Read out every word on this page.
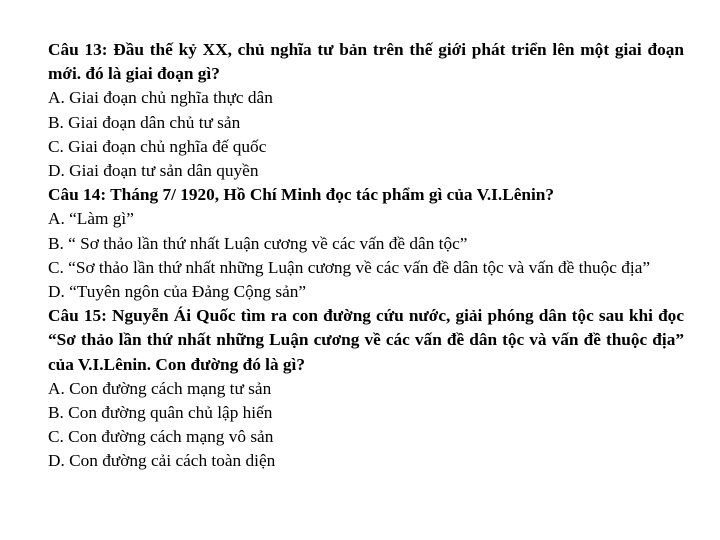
Câu 13: Đầu thế kỷ XX, chủ nghĩa tư bản trên thế giới phát triển lên một giai đoạn mới. đó là giai đoạn gì?

A. Giai đoạn chủ nghĩa thực dân

B. Giai đoạn dân chủ tư sản

C. Giai đoạn chủ nghĩa đế quốc

D. Giai đoạn tư sản dân quyền

Câu 14: Tháng 7/ 1920, Hồ Chí Minh đọc tác phẩm gì của V.I.Lênin?

A. “Làm gì”

B. “ Sơ thảo lần thứ nhất Luận cương về các vấn đề dân tộc”

C. “Sơ thảo lần thứ nhất những Luận cương về các vấn đề dân tộc và vấn đề thuộc địa”

D. “Tuyên ngôn của Đảng Cộng sản”

Câu 15: Nguyễn Ái Quốc tìm ra con đường cứu nước, giải phóng dân tộc sau khi đọc “Sơ thảo lần thứ nhất những Luận cương về các vấn đề dân tộc và vấn đề thuộc địa” của V.I.Lênin. Con đường đó là gì?

A. Con đường cách mạng tư sản

B. Con đường quân chủ lập hiến

C. Con đường cách mạng vô sản

D. Con đường cải cách toàn diện
